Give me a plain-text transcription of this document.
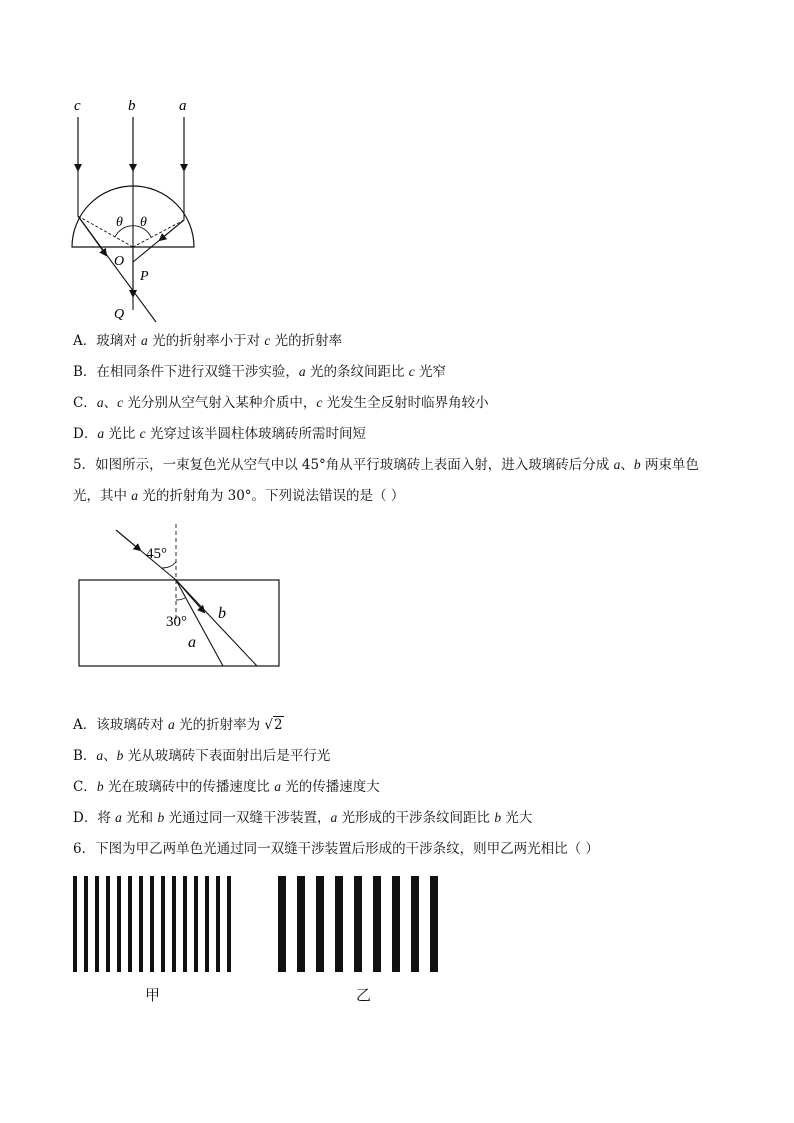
c	b	a
θ θ
O
P
Q
A．玻璃对 a 光的折射率小于对 c 光的折射率
B．在相同条件下进行双缝干涉实验，a 光的条纹间距比 c 光窄
C．a、c 光分别从空气射入某种介质中，c 光发生全反射时临界角较小
D．a 光比 c 光穿过该半圆柱体玻璃砖所需时间短
5．如图所示，一束复色光从空气中以 45°角从平行玻璃砖上表面入射，进入玻璃砖后分成 a、b 两束单色
光，其中 a 光的折射角为 30°。下列说法错误的是（ ）
45°
30° b
a
A．该玻璃砖对 a 光的折射率为 √2
B．a、b 光从玻璃砖下表面射出后是平行光
C．b 光在玻璃砖中的传播速度比 a 光的传播速度大
D．将 a 光和 b 光通过同一双缝干涉装置，a 光形成的干涉条纹间距比 b 光大
6．下图为甲乙两单色光通过同一双缝干涉装置后形成的干涉条纹，则甲乙两光相比（ ）
甲	乙
